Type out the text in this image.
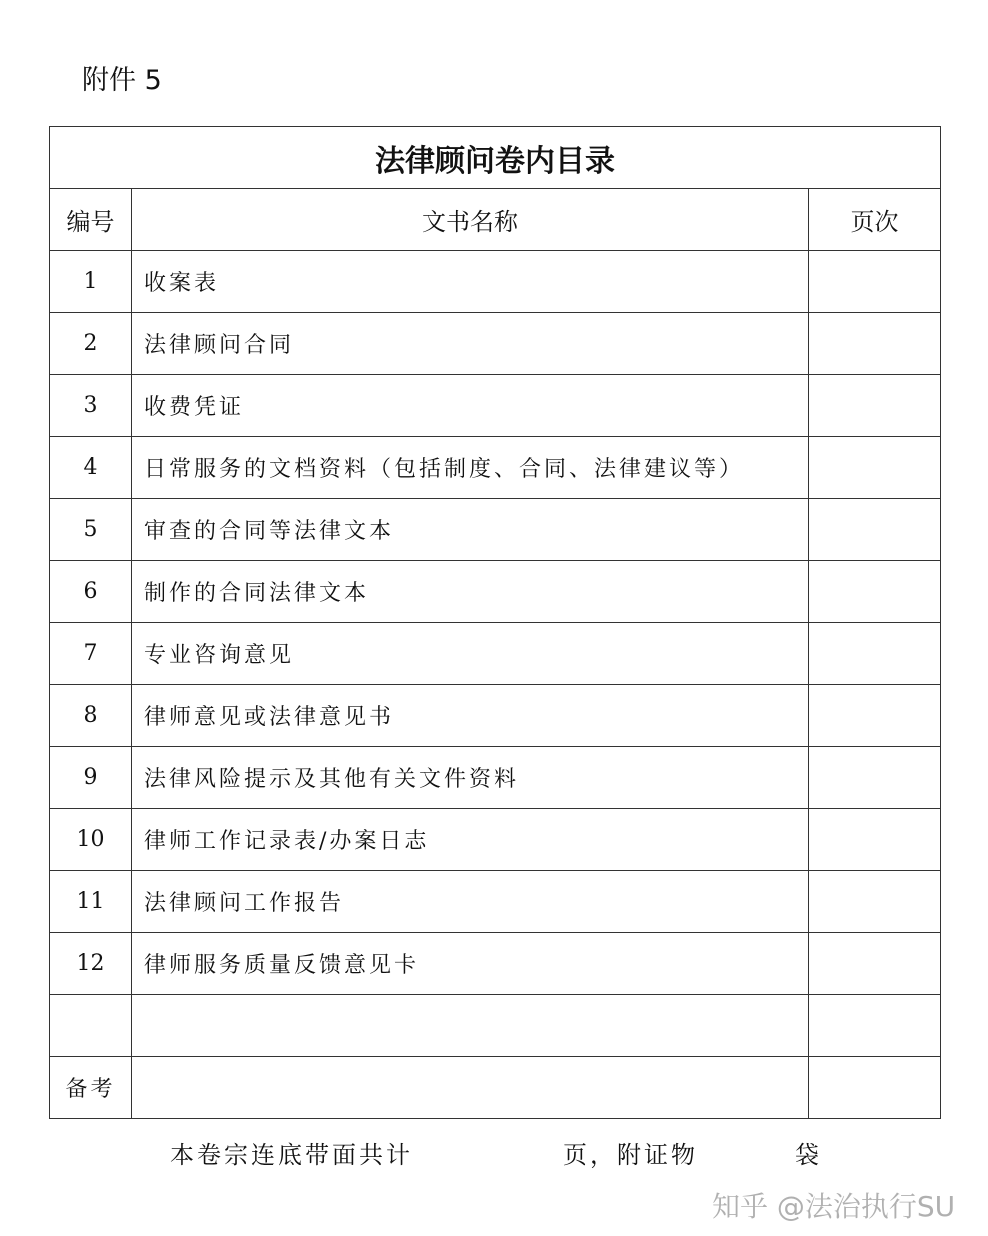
附件 5
法律顾问卷内目录		
编号	文书名称	页次
1	收案表	
2	法律顾问合同	
3	收费凭证	
4	日常服务的文档资料（包括制度、合同、法律建议等）	
5	审查的合同等法律文本	
6	制作的合同法律文本	
7	专业咨询意见	
8	律师意见或法律意见书	
9	法律风险提示及其他有关文件资料	
10	律师工作记录表/办案日志	
11	法律顾问工作报告	
12	律师服务质量反馈意见卡	

备考		
本卷宗连底带面共计	页，附证物	袋
知乎 @法治执行SU
